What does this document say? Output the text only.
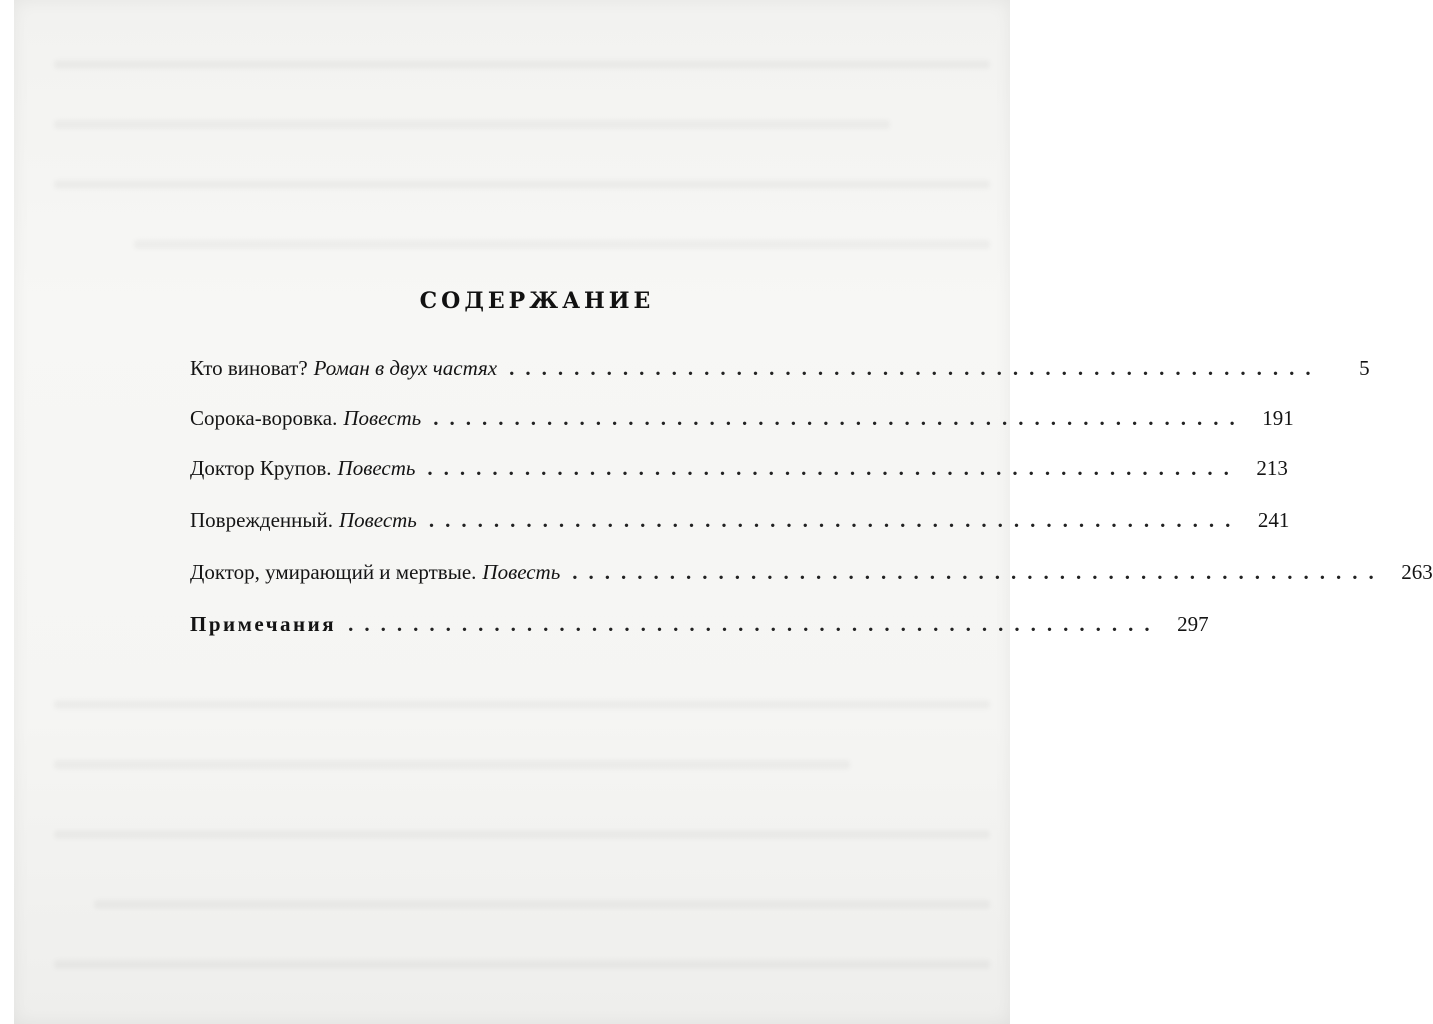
СОДЕРЖАНИЕ
Кто виноват? Роман в двух частях ..................................................	5
Сорока-воровка. Повесть .................................................. 191
Доктор Крупов. Повесть .................................................. 213
Поврежденный. Повесть .................................................. 241
Доктор, умирающий и мертвые. Повесть .................................................. 263
Примечания .................................................. 297
